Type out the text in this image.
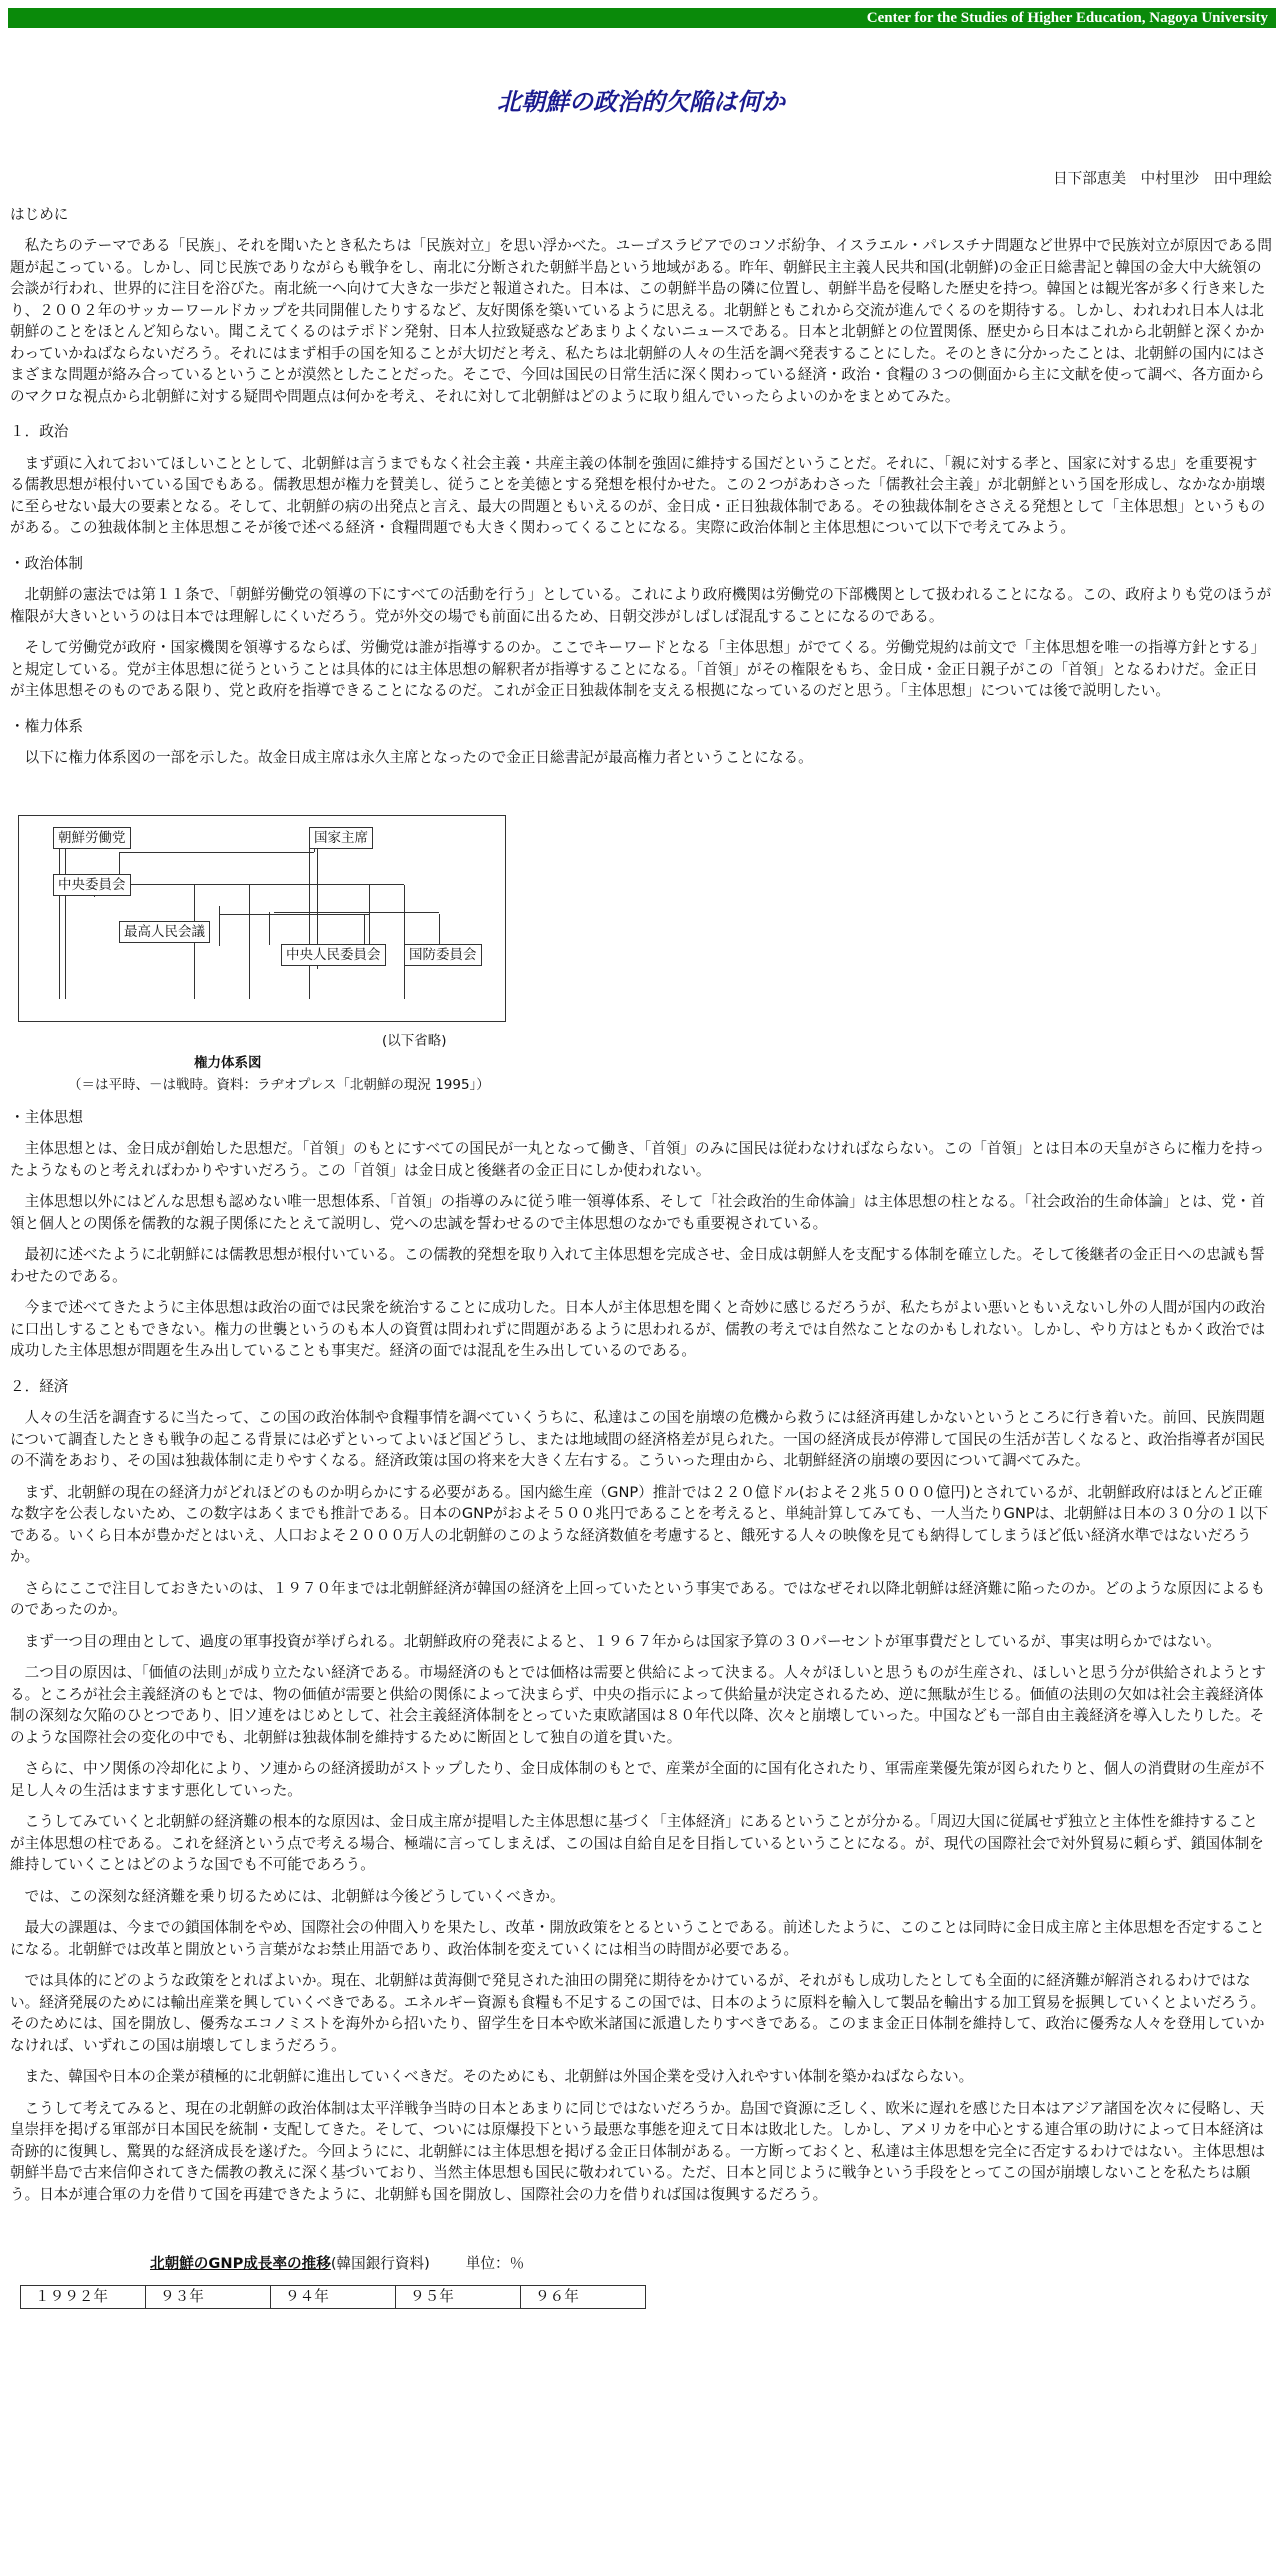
Center for the Studies of Higher Education, Nagoya University
北朝鮮の政治的欠陥は何か
日下部恵美　中村里沙　田中理絵

はじめに

私たちのテーマである「民族」、それを聞いたとき私たちは「民族対立」を思い浮かべた。ユーゴスラビアでのコソボ紛争、イスラエル・パレスチナ問題など世界中で民族対立が原因である問題が起こっている。しかし、同じ民族でありながらも戦争をし、南北に分断された朝鮮半島という地域がある。昨年、朝鮮民主主義人民共和国(北朝鮮)の金正日総書記と韓国の金大中大統領の会談が行われ、世界的に注目を浴びた。南北統一へ向けて大きな一歩だと報道された。日本は、この朝鮮半島の隣に位置し、朝鮮半島を侵略した歴史を持つ。韓国とは観光客が多く行き来したり、２００２年のサッカーワールドカップを共同開催したりするなど、友好関係を築いているように思える。北朝鮮ともこれから交流が進んでくるのを期待する。しかし、われわれ日本人は北朝鮮のことをほとんど知らない。聞こえてくるのはテポドン発射、日本人拉致疑惑などあまりよくないニュースである。日本と北朝鮮との位置関係、歴史から日本はこれから北朝鮮と深くかかわっていかねばならないだろう。それにはまず相手の国を知ることが大切だと考え、私たちは北朝鮮の人々の生活を調べ発表することにした。そのときに分かったことは、北朝鮮の国内にはさまざまな問題が絡み合っているということが漠然としたことだった。そこで、今回は国民の日常生活に深く関わっている経済・政治・食糧の３つの側面から主に文献を使って調べ、各方面からのマクロな視点から北朝鮮に対する疑問や問題点は何かを考え、それに対して北朝鮮はどのように取り組んでいったらよいのかをまとめてみた。

１．政治

まず頭に入れておいてほしいこととして、北朝鮮は言うまでもなく社会主義・共産主義の体制を強固に維持する国だということだ。それに、「親に対する孝と、国家に対する忠」を重要視する儒教思想が根付いている国でもある。儒教思想が権力を賛美し、従うことを美徳とする発想を根付かせた。この２つがあわさった「儒教社会主義」が北朝鮮という国を形成し、なかなか崩壊に至らせない最大の要素となる。そして、北朝鮮の病の出発点と言え、最大の問題ともいえるのが、金日成・正日独裁体制である。その独裁体制をささえる発想として「主体思想」というものがある。この独裁体制と主体思想こそが後で述べる経済・食糧問題でも大きく関わってくることになる。実際に政治体制と主体思想について以下で考えてみよう。

・政治体制

北朝鮮の憲法では第１１条で、「朝鮮労働党の領導の下にすべての活動を行う」としている。これにより政府機関は労働党の下部機関として扱われることになる。この、政府よりも党のほうが権限が大きいというのは日本では理解しにくいだろう。党が外交の場でも前面に出るため、日朝交渉がしばしば混乱することになるのである。

そして労働党が政府・国家機関を領導するならば、労働党は誰が指導するのか。ここでキーワードとなる「主体思想」がでてくる。労働党規約は前文で「主体思想を唯一の指導方針とする」と規定している。党が主体思想に従うということは具体的には主体思想の解釈者が指導することになる。「首領」がその権限をもち、金日成・金正日親子がこの「首領」となるわけだ。金正日が主体思想そのものである限り、党と政府を指導できることになるのだ。これが金正日独裁体制を支える根拠になっているのだと思う。「主体思想」については後で説明したい。

・権力体系

以下に権力体系図の一部を示した。故金日成主席は永久主席となったので金正日総書記が最高権力者ということになる。

朝鮮労働党	国家主席
中央委員会
最高人民会議
中央人民委員会	国防委員会
(以下省略)
権力体系図
（＝は平時、－は戦時。資料：ラヂオプレス「北朝鮮の現況 1995」）

・主体思想

主体思想とは、金日成が創始した思想だ。「首領」のもとにすべての国民が一丸となって働き、「首領」のみに国民は従わなければならない。この「首領」とは日本の天皇がさらに権力を持ったようなものと考えればわかりやすいだろう。この「首領」は金日成と後継者の金正日にしか使われない。

主体思想以外にはどんな思想も認めない唯一思想体系、「首領」の指導のみに従う唯一領導体系、そして「社会政治的生命体論」は主体思想の柱となる。「社会政治的生命体論」とは、党・首領と個人との関係を儒教的な親子関係にたとえて説明し、党への忠誠を誓わせるので主体思想のなかでも重要視されている。

最初に述べたように北朝鮮には儒教思想が根付いている。この儒教的発想を取り入れて主体思想を完成させ、金日成は朝鮮人を支配する体制を確立した。そして後継者の金正日への忠誠も誓わせたのである。

今まで述べてきたように主体思想は政治の面では民衆を統治することに成功した。日本人が主体思想を聞くと奇妙に感じるだろうが、私たちがよい悪いともいえないし外の人間が国内の政治に口出しすることもできない。権力の世襲というのも本人の資質は問われずに問題があるように思われるが、儒教の考えでは自然なことなのかもしれない。しかし、やり方はともかく政治では成功した主体思想が問題を生み出していることも事実だ。経済の面では混乱を生み出しているのである。

２．経済

人々の生活を調査するに当たって、この国の政治体制や食糧事情を調べていくうちに、私達はこの国を崩壊の危機から救うには経済再建しかないというところに行き着いた。前回、民族問題について調査したときも戦争の起こる背景には必ずといってよいほど国どうし、または地域間の経済格差が見られた。一国の経済成長が停滞して国民の生活が苦しくなると、政治指導者が国民の不満をあおり、その国は独裁体制に走りやすくなる。経済政策は国の将来を大きく左右する。こういった理由から、北朝鮮経済の崩壊の要因について調べてみた。

まず、北朝鮮の現在の経済力がどれほどのものか明らかにする必要がある。国内総生産（GNP）推計では２２０億ドル(およそ２兆５０００億円)とされているが、北朝鮮政府はほとんど正確な数字を公表しないため、この数字はあくまでも推計である。日本のGNPがおよそ５００兆円であることを考えると、単純計算してみても、一人当たりGNPは、北朝鮮は日本の３０分の１以下である。いくら日本が豊かだとはいえ、人口およそ２０００万人の北朝鮮のこのような経済数値を考慮すると、餓死する人々の映像を見ても納得してしまうほど低い経済水準ではないだろうか。

さらにここで注目しておきたいのは、１９７０年までは北朝鮮経済が韓国の経済を上回っていたという事実である。ではなぜそれ以降北朝鮮は経済難に陥ったのか。どのような原因によるものであったのか。

まず一つ目の理由として、過度の軍事投資が挙げられる。北朝鮮政府の発表によると、１９６７年からは国家予算の３０パーセントが軍事費だとしているが、事実は明らかではない。

二つ目の原因は、｢価値の法則｣が成り立たない経済である。市場経済のもとでは価格は需要と供給によって決まる。人々がほしいと思うものが生産され、ほしいと思う分が供給されようとする。ところが社会主義経済のもとでは、物の価値が需要と供給の関係によって決まらず、中央の指示によって供給量が決定されるため、逆に無駄が生じる。価値の法則の欠如は社会主義経済体制の深刻な欠陥のひとつであり、旧ソ連をはじめとして、社会主義経済体制をとっていた東欧諸国は８０年代以降、次々と崩壊していった。中国なども一部自由主義経済を導入したりした。そのような国際社会の変化の中でも、北朝鮮は独裁体制を維持するために断固として独自の道を貫いた。

さらに、中ソ関係の冷却化により、ソ連からの経済援助がストップしたり、金日成体制のもとで、産業が全面的に国有化されたり、軍需産業優先策が図られたりと、個人の消費財の生産が不足し人々の生活はますます悪化していった。

こうしてみていくと北朝鮮の経済難の根本的な原因は、金日成主席が提唱した主体思想に基づく「主体経済」にあるということが分かる。「周辺大国に従属せず独立と主体性を維持することが主体思想の柱である。これを経済という点で考える場合、極端に言ってしまえば、この国は自給自足を目指しているということになる。が、現代の国際社会で対外貿易に頼らず、鎖国体制を維持していくことはどのような国でも不可能であろう。

では、この深刻な経済難を乗り切るためには、北朝鮮は今後どうしていくべきか。

最大の課題は、今までの鎖国体制をやめ、国際社会の仲間入りを果たし、改革・開放政策をとるということである。前述したように、このことは同時に金日成主席と主体思想を否定することになる。北朝鮮では改革と開放という言葉がなお禁止用語であり、政治体制を変えていくには相当の時間が必要である。

では具体的にどのような政策をとればよいか。現在、北朝鮮は黄海側で発見された油田の開発に期待をかけているが、それがもし成功したとしても全面的に経済難が解消されるわけではない。経済発展のためには輸出産業を興していくべきである。エネルギー資源も食糧も不足するこの国では、日本のように原料を輸入して製品を輸出する加工貿易を振興していくとよいだろう。そのためには、国を開放し、優秀なエコノミストを海外から招いたり、留学生を日本や欧米諸国に派遣したりすべきである。このまま金正日体制を維持して、政治に優秀な人々を登用していかなければ、いずれこの国は崩壊してしまうだろう。

また、韓国や日本の企業が積極的に北朝鮮に進出していくべきだ。そのためにも、北朝鮮は外国企業を受け入れやすい体制を築かねばならない。

こうして考えてみると、現在の北朝鮮の政治体制は太平洋戦争当時の日本とあまりに同じではないだろうか。島国で資源に乏しく、欧米に遅れを感じた日本はアジア諸国を次々に侵略し、天皇崇拝を掲げる軍部が日本国民を統制・支配してきた。そして、ついには原爆投下という最悪な事態を迎えて日本は敗北した。しかし、アメリカを中心とする連合軍の助けによって日本経済は奇跡的に復興し、驚異的な経済成長を遂げた。今回ようにに、北朝鮮には主体思想を掲げる金正日体制がある。一方断っておくと、私達は主体思想を完全に否定するわけではない。主体思想は朝鮮半島で古来信仰されてきた儒教の教えに深く基づいており、当然主体思想も国民に敬われている。ただ、日本と同じように戦争という手段をとってこの国が崩壊しないことを私たちは願う。日本が連合軍の力を借りて国を再建できたように、北朝鮮も国を開放し、国際社会の力を借りれば国は復興するだろう。

北朝鮮のGNP成長率の推移(韓国銀行資料) 単位：％
１９９２年	９３年	９４年	９５年	９６年
